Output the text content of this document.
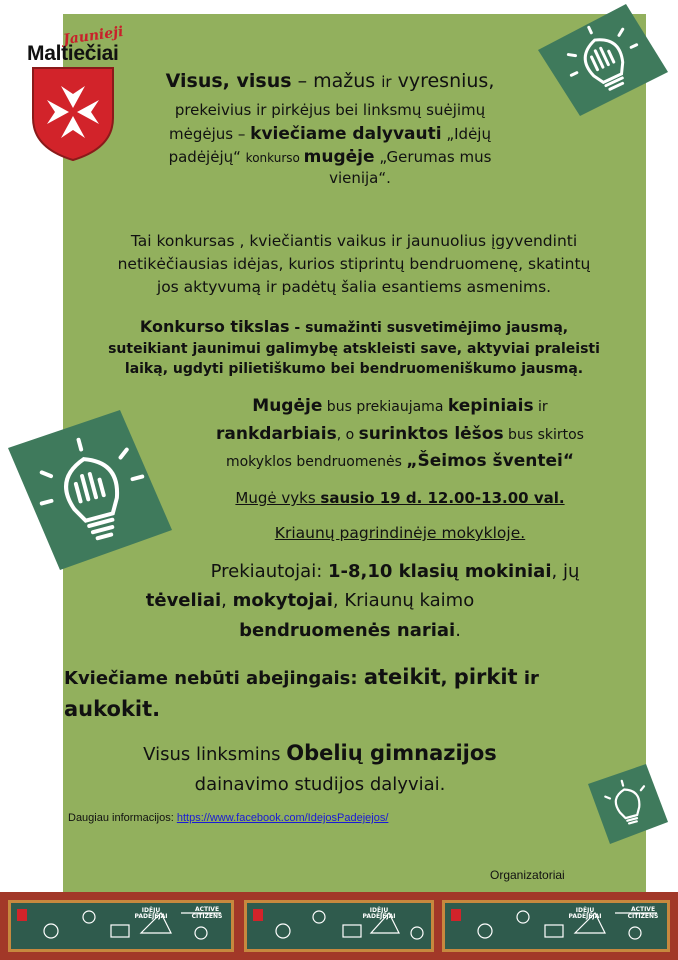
Jaunieji
Maltiečiai

Visus, visus – mažus ir vyresnius,

prekeivius ir pirkėjus bei linksmų suėjimų

mėgėjus – kviečiame dalyvauti „Idėjų

padėjėjų“ konkurso mugėje „Gerumas mus

vienija“.

Tai konkursas , kviečiantis vaikus ir jaunuolius įgyvendinti

netikėčiausias idėjas, kurios stiprintų bendruomenę, skatintų

jos aktyvumą ir padėtų šalia esantiems asmenims.

Konkurso tikslas - sumažinti susvetimėjimo jausmą,

suteikiant jaunimui galimybę atskleisti save, aktyviai praleisti

laiką, ugdyti pilietiškumo bei bendruomeniškumo jausmą.

Mugėje bus prekiaujama kepiniais ir

rankdarbiais, o surinktos lėšos bus skirtos

mokyklos bendruomenės „Šeimos šventei“

Mugė vyks sausio 19 d. 12.00-13.00 val.

Kriaunų pagrindinėje mokykloje.

Prekiautojai: 1-8,10 klasių mokiniai, jų

tėveliai, mokytojai, Kriaunų kaimo

bendruomenės nariai.

Kviečiame nebūti abejingais: ateikit, pirkit ir

aukokit.

Visus linksmins Obelių gimnazijos

dainavimo studijos dalyviai.

Daugiau informacijos: https://www.facebook.com/IdejosPadejejos/

Organizatoriai

IDĖJŲ PADĖJĖJAI
ACTIVE
CITIZENS
IDĖJŲ PADĖJĖJAI
IDĖJŲ PADĖJĖJAI
ACTIVE
CITIZENS
